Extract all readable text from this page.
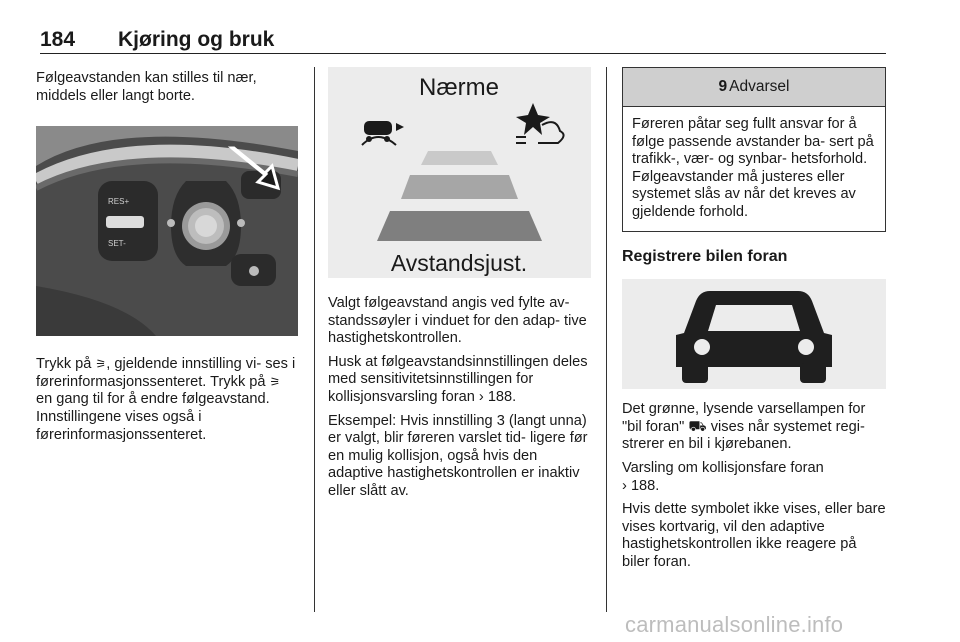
184 Kjøring og bruk

Følgeavstanden kan stilles til nær, middels eller langt borte.

RES+
SET-

Trykk på ⚞, gjeldende innstilling vi- ses i førerinformasjonssenteret. Trykk på ⚞ en gang til for å endre følgeavstand. Innstillingene vises også i førerinformasjonssenteret.

Nærme
Avstandsjust.

Valgt følgeavstand angis ved fylte av- standssøyler i vinduet for den adap- tive hastighetskontrollen.

Husk at følgeavstandsinnstillingen deles med sensitivitetsinnstillingen for kollisjonsvarsling foran › 188.

Eksempel: Hvis innstilling 3 (langt unna) er valgt, blir føreren varslet tid- ligere før en mulig kollisjon, også hvis den adaptive hastighetskontrollen er inaktiv eller slått av.

9 Advarsel
Føreren påtar seg fullt ansvar for å følge passende avstander ba- sert på trafikk-, vær- og synbar- hetsforhold. Følgeavstander må justeres eller systemet slås av når det kreves av gjeldende forhold.
Registrere bilen foran

Det grønne, lysende varsellampen for "bil foran" ⛟ vises når systemet regi- strerer en bil i kjørebanen.

Varsling om kollisjonsfare foran
› 188.

Hvis dette symbolet ikke vises, eller bare vises kortvarig, vil den adaptive hastighetskontrollen ikke reagere på biler foran.

carmanualsonline.info
